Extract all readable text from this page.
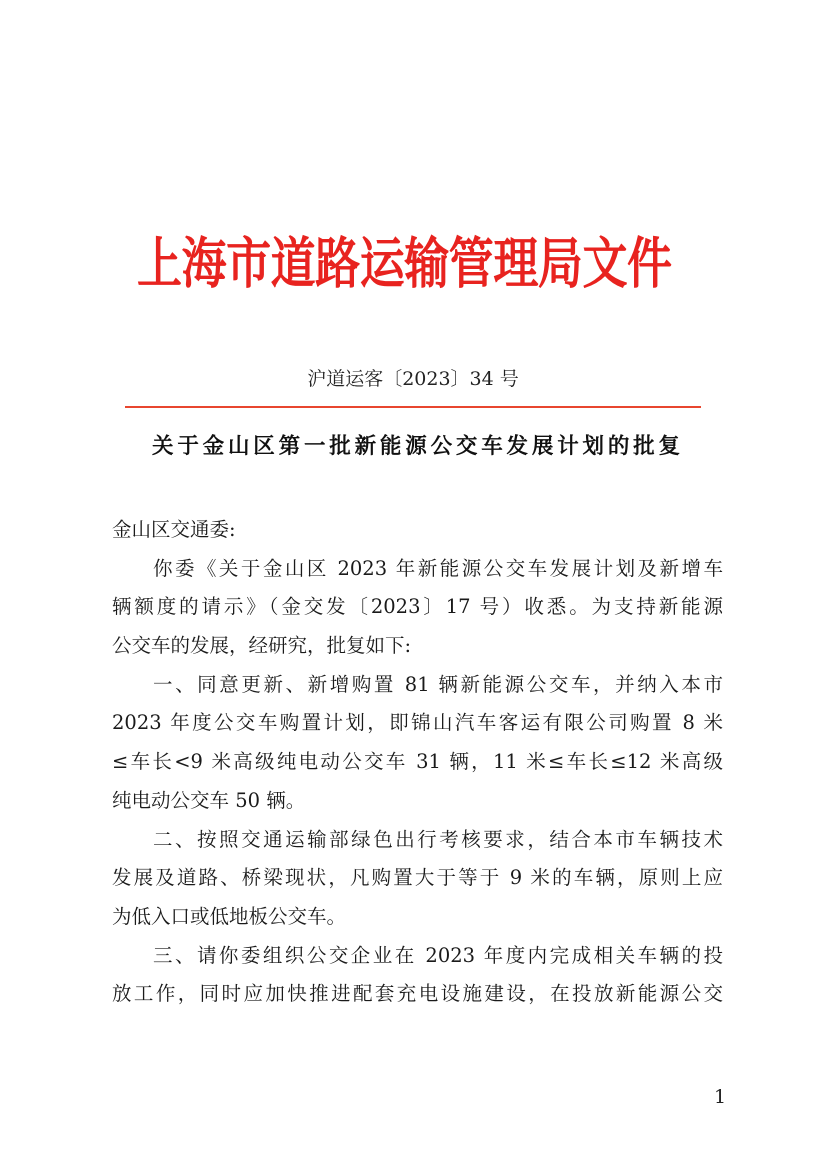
上海市道路运输管理局文件
沪道运客〔2023〕34 号
关于金山区第一批新能源公交车发展计划的批复
金山区交通委:
你委《关于金山区 2023 年新能源公交车发展计划及新增车
辆额度的请示》（金交发〔2023〕17 号）收悉。为支持新能源
公交车的发展，经研究，批复如下:
一、同意更新、新增购置 81 辆新能源公交车，并纳入本市
2023 年度公交车购置计划，即锦山汽车客运有限公司购置 8 米
≤车长<9 米高级纯电动公交车 31 辆，11 米≤车长≤12 米高级
纯电动公交车 50 辆。
二、按照交通运输部绿色出行考核要求，结合本市车辆技术
发展及道路、桥梁现状，凡购置大于等于 9 米的车辆，原则上应
为低入口或低地板公交车。
三、请你委组织公交企业在 2023 年度内完成相关车辆的投
放工作，同时应加快推进配套充电设施建设，在投放新能源公交
1
